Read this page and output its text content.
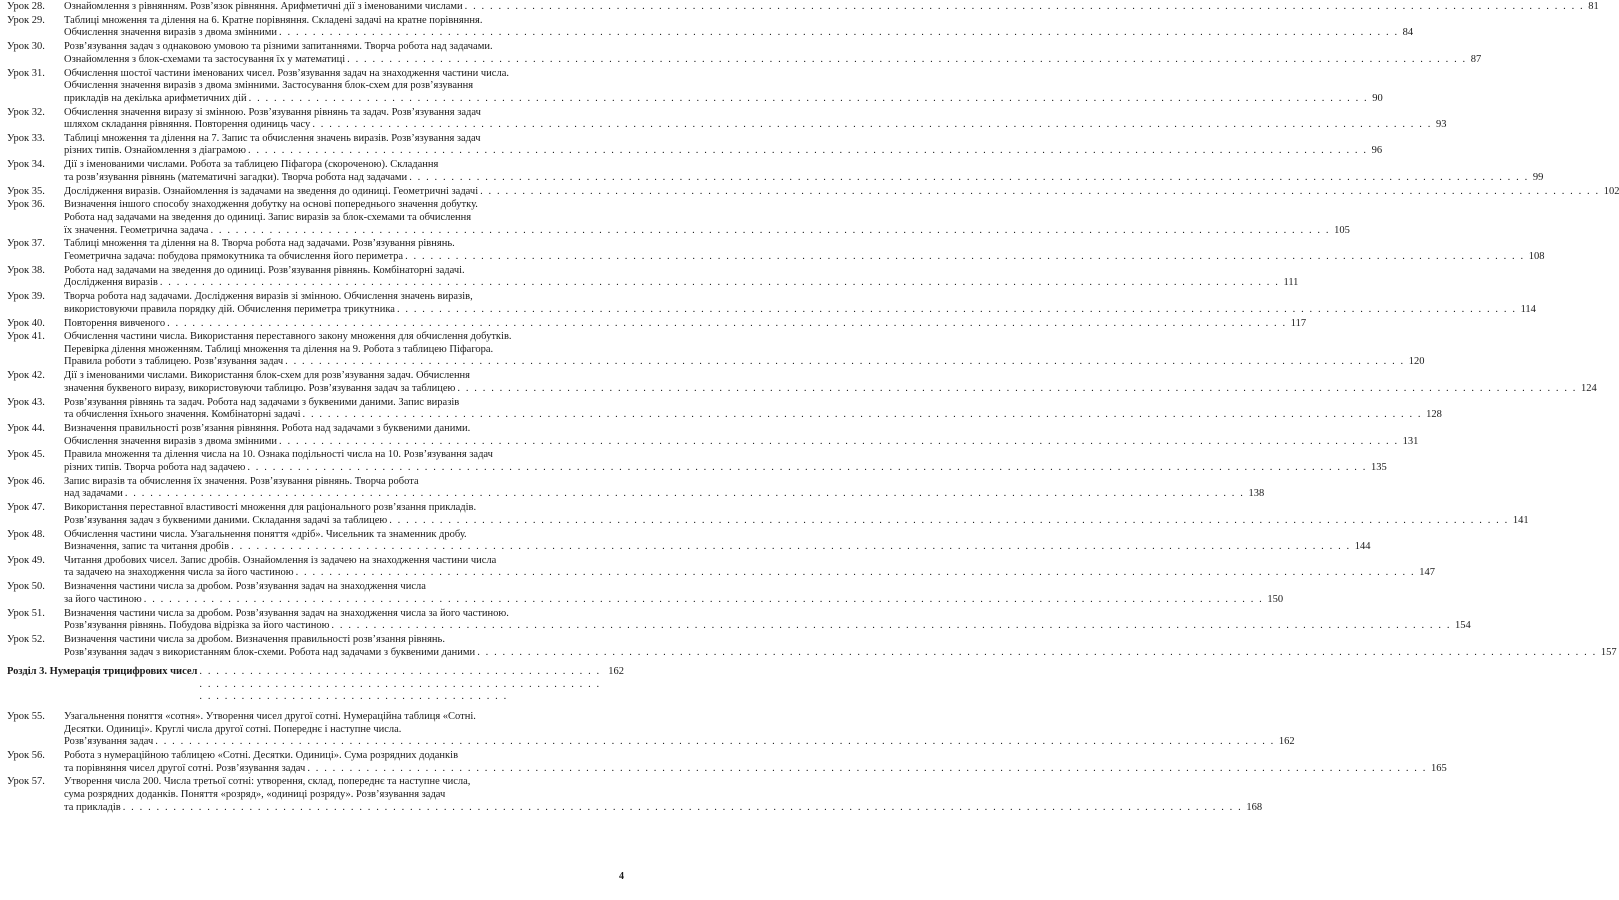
Урок 28.	Ознайомлення з рівнянням. Розв’язок рівняння. Арифметичні дії з іменованими числами . . .	81
Урок 29.	Таблиці множення та ділення на 6. Кратне порівняння. Складені задачі на кратне порівняння.
Обчислення значення виразів з двома змінними . . .	84
Урок 30.	Розв’язування задач з однаковою умовою та різними запитаннями. Творча робота над задачами.
Ознайомлення з блок-схемами та застосування їх у математиці . . .	87
Урок 31.	Обчислення шостої частини іменованих чисел. Розв’язування задач на знаходження частини числа.
Обчислення значення виразів з двома змінними. Застосування блок-схем для розв’язування
прикладів на декілька арифметичних дій . . .	90
Урок 32.	Обчислення значення виразу зі змінною. Розв’язування рівнянь та задач. Розв’язування задач
шляхом складання рівняння. Повторення одиниць часу . . .	93
Урок 33.	Таблиці множення та ділення на 7. Запис та обчислення значень виразів. Розв’язування задач
різних типів. Ознайомлення з діаграмою . . .	96
Урок 34.	Дії з іменованими числами. Робота за таблицею Піфагора (скороченою). Складання
та розв’язування рівнянь (математичні загадки). Творча робота над задачами . . .	99
Урок 35.	Дослідження виразів. Ознайомлення із задачами на зведення до одиниці. Геометричні задачі . . .	102
Урок 36.	Визначення іншого способу знаходження добутку на основі попереднього значення добутку.
Робота над задачами на зведення до одиниці. Запис виразів за блок-схемами та обчислення
їх значення. Геометрична задача . . .	105
Урок 37.	Таблиці множення та ділення на 8. Творча робота над задачами. Розв’язування рівнянь.
Геометрична задача: побудова прямокутника та обчислення його периметра . . .	108
Урок 38.	Робота над задачами на зведення до одиниці. Розв’язування рівнянь. Комбінаторні задачі.
Дослідження виразів . . .	111
Урок 39.	Творча робота над задачами. Дослідження виразів зі змінною. Обчислення значень виразів,
використовуючи правила порядку дій. Обчислення периметра трикутника . . .	114
Урок 40.	Повторення вивченого . . .	117
Урок 41.	Обчислення частини числа. Використання переставного закону множення для обчислення добутків.
Перевірка ділення множенням. Таблиці множення та ділення на 9. Робота з таблицею Піфагора.
Правила роботи з таблицею. Розв’язування задач . . .	120
Урок 42.	Дії з іменованими числами. Використання блок-схем для розв’язування задач. Обчислення
значення буквеного виразу, використовуючи таблицю. Розв’язування задач за таблицею . . .	124
Урок 43.	Розв’язування рівнянь та задач. Робота над задачами з буквеними даними. Запис виразів
та обчислення їхнього значення. Комбінаторні задачі . . .	128
Урок 44.	Визначення правильності розв’язання рівняння. Робота над задачами з буквеними даними.
Обчислення значення виразів з двома змінними . . .	131
Урок 45.	Правила множення та ділення числа на 10. Ознака подільності числа на 10. Розв’язування задач
різних типів. Творча робота над задачею . . .	135
Урок 46.	Запис виразів та обчислення їх значення. Розв’язування рівнянь. Творча робота
над задачами . . .	138
Урок 47.	Використання переставної властивості множення для раціонального розв’язання прикладів.
Розв’язування задач з буквеними даними. Складання задачі за таблицею . . .	141
Урок 48.	Обчислення частини числа. Узагальнення поняття «дріб». Чисельник та знаменник дробу.
Визначення, запис та читання дробів . . .	144
Урок 49.	Читання дробових чисел. Запис дробів. Ознайомлення із задачею на знаходження частини числа
та задачею на знаходження числа за його частиною . . .	147
Урок 50.	Визначення частини числа за дробом. Розв’язування задач на знаходження числа
за його частиною . . .	150
Урок 51.	Визначення частини числа за дробом. Розв’язування задач на знаходження числа за його частиною.
Розв’язування рівнянь. Побудова відрізка за його частиною . . .	154
Урок 52.	Визначення частини числа за дробом. Визначення правильності розв’язання рівнянь.
Розв’язування задач з використанням блок-схеми. Робота над задачами з буквеними даними . . .	157
Розділ 3. Нумерація трицифрових чисел . . .	162
Урок 55.	Узагальнення поняття «сотня». Утворення чисел другої сотні. Нумераційна таблиця «Сотні.
Десятки. Одиниці». Круглі числа другої сотні. Попереднє і наступне числа.
Розв’язування задач . . .	162
Урок 56.	Робота з нумераційною таблицею «Сотні. Десятки. Одиниці». Сума розрядних доданків
та порівняння чисел другої сотні. Розв’язування задач . . .	165
Урок 57.	Утворення числа 200. Числа третьої сотні: утворення, склад, попереднє та наступне числа,
сума розрядних доданків. Поняття «розряд», «одиниці розряду». Розв’язування задач
та прикладів . . .	168
4
